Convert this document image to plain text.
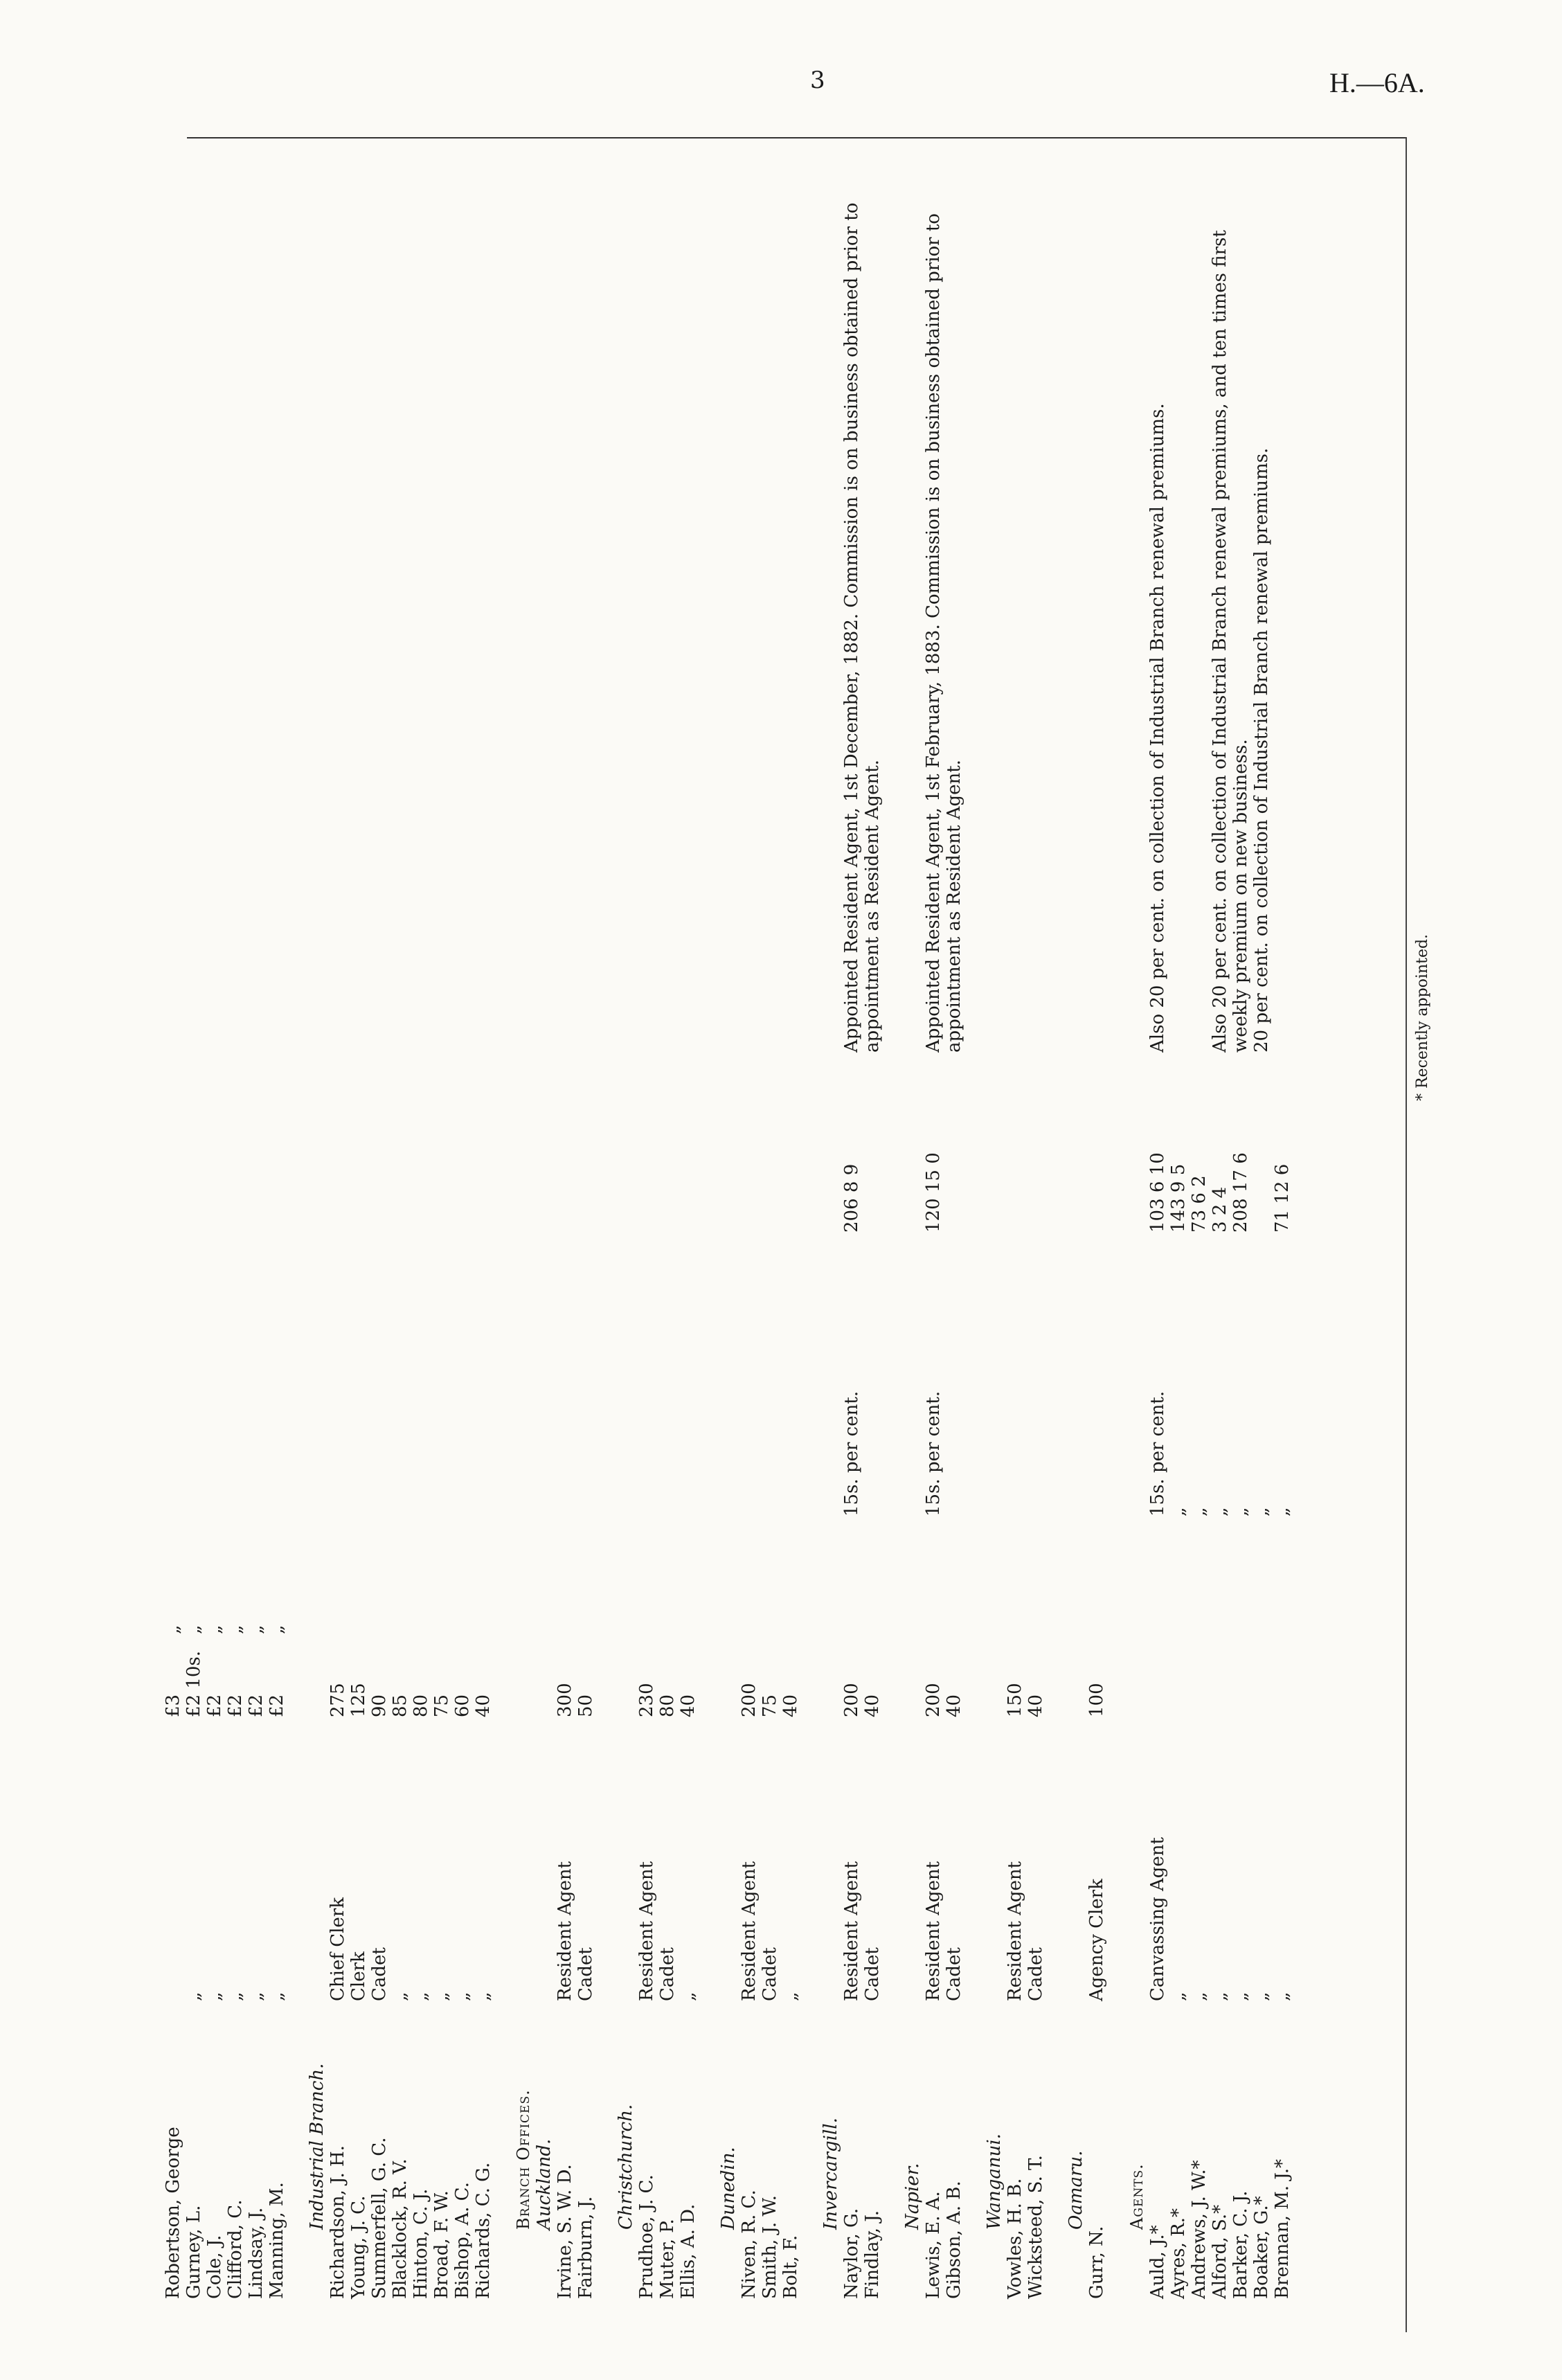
3	H.—6A.
Robertson, George
£3
„
Gurney, L.
„
£2 10s.
„
Cole, J.
„
£2
„
Clifford, C.
„
£2
„
Lindsay, J.
„
£2
„
Manning, M.
„
£2
„
Industrial Branch. Richardson, J. H.
Chief Clerk
275
Young, J. C.
Clerk
125
Summerfell, G. C.
Cadet
90
Blacklock, R. V.
„
85
Hinton, C. J.
„
80
Broad, F. W.
„
75
Bishop, A. C.
„
60
Richards, C. G.
„
40
Branch Offices. Auckland. Irvine, S. W. D.
Resident Agent
300
Fairburn, J.
Cadet
50
Christchurch.
Prudhoe, J. C.
Resident Agent
230
Muter, P.
Cadet
80
Ellis, A. D.
„
40
Dunedin.
Niven, R. C.
Resident Agent
200
Smith, J. W.
Cadet
75
Bolt, F.
„
40
Invercargill.
Naylor, G.
Resident Agent
200
15s. per cent.
206 8 9
Appointed Resident Agent, 1st December, 1882. Commission is on business obtained prior to appointment as Resident Agent.
Findlay, J.
Cadet
40
Napier. Lewis, E. A.
Resident Agent
200
15s. per cent.
120 15 0
Appointed Resident Agent, 1st February, 1883. Commission is on business obtained prior to appointment as Resident Agent.
Gibson, A. B.
Cadet
40
Wanganui. Vowles, H. B.
Resident Agent
150
Wicksteed, S. T.
Cadet
40
Oamaru.
Gurr, N.
Agency Clerk
100
Agents.
Auld, J.*
Canvassing Agent
15s. per cent.
103 6 10
Also 20 per cent. on collection of Industrial Branch renewal premiums.
Ayres, R.*
„
„
143 9 5
Andrews, J. W.*
„
„
73 6 2
Alford, S.*
„
„
3 2 4
Also 20 per cent. on collection of Industrial Branch renewal premiums, and ten times first weekly premium on new business.
Barker, C. J.
„
„
208 17 6
Boaker, G.*
„
„
20 per cent. on collection of Industrial Branch renewal premiums.
Brennan, M. J.*
„
„
71 12 6
* Recently appointed.
